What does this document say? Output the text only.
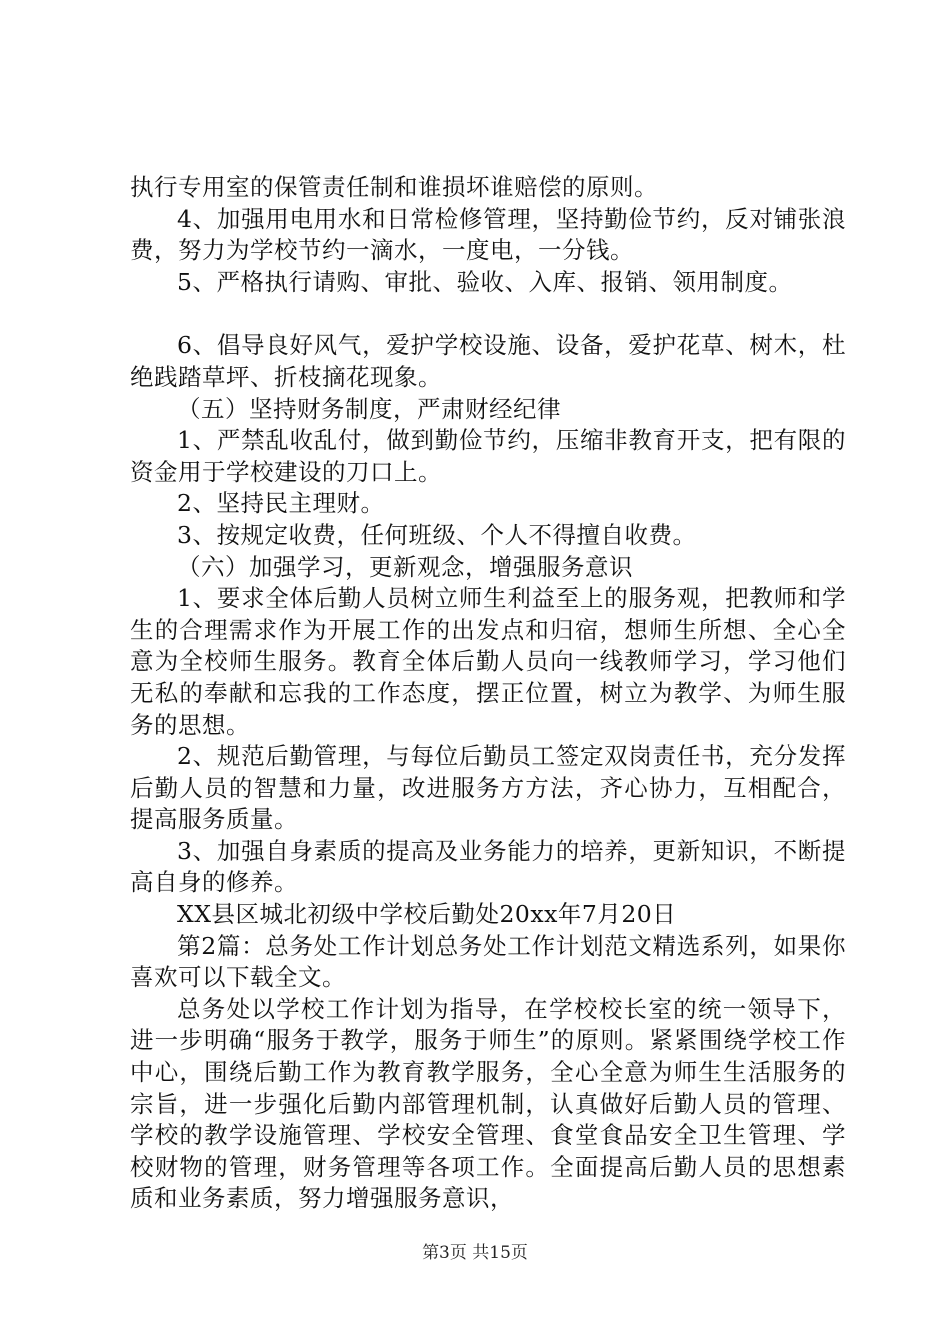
执行专用室的保管责任制和谁损坏谁赔偿的原则。

4、加强用电用水和日常检修管理，坚持勤俭节约，反对铺张浪费，努力为学校节约一滴水，一度电，一分钱。

5、严格执行请购、审批、验收、入库、报销、领用制度。

6、倡导良好风气，爱护学校设施、设备，爱护花草、树木，杜绝践踏草坪、折枝摘花现象。

（五）坚持财务制度，严肃财经纪律

1、严禁乱收乱付，做到勤俭节约，压缩非教育开支，把有限的资金用于学校建设的刀口上。

2、坚持民主理财。

3、按规定收费，任何班级、个人不得擅自收费。

（六）加强学习，更新观念，增强服务意识

1、要求全体后勤人员树立师生利益至上的服务观，把教师和学生的合理需求作为开展工作的出发点和归宿，想师生所想、全心全意为全校师生服务。教育全体后勤人员向一线教师学习，学习他们无私的奉献和忘我的工作态度，摆正位置，树立为教学、为师生服务的思想。

2、规范后勤管理，与每位后勤员工签定双岗责任书，充分发挥后勤人员的智慧和力量，改进服务方方法，齐心协力，互相配合，提高服务质量。

3、加强自身素质的提高及业务能力的培养，更新知识，不断提高自身的修养。

XX县区城北初级中学校后勤处20xx年7月20日

第2篇：总务处工作计划总务处工作计划范文精选系列，如果你喜欢可以下载全文。

总务处以学校工作计划为指导，在学校校长室的统一领导下，进一步明确“服务于教学，服务于师生”的原则。紧紧围绕学校工作中心，围绕后勤工作为教育教学服务，全心全意为师生生活服务的宗旨，进一步强化后勤内部管理机制，认真做好后勤人员的管理、学校的教学设施管理、学校安全管理、食堂食品安全卫生管理、学校财物的管理，财务管理等各项工作。全面提高后勤人员的思想素质和业务素质，努力增强服务意识，

第3页 共15页
